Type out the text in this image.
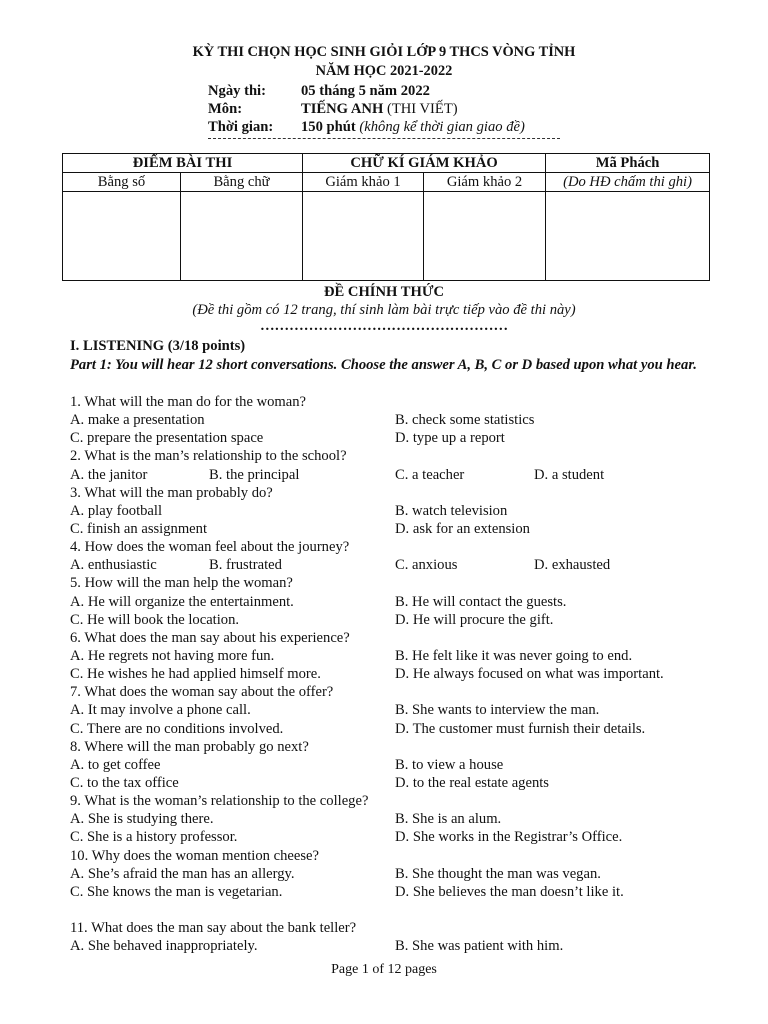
KỲ THI CHỌN HỌC SINH GIỎI LỚP 9 THCS VÒNG TỈNH
NĂM HỌC 2021-2022
Ngày thi: 05 tháng 5 năm 2022
Môn:	TIẾNG ANH (THI VIẾT)
Thời gian: 150 phút (không kể thời gian giao đề)
ĐIỂM BÀI THI		CHỮ KÍ GIÁM KHẢO		Mã Phách
Bằng số	Bằng chữ	Giám khảo 1	Giám khảo 2	(Do HĐ chấm thi ghi)

ĐỀ CHÍNH THỨC
(Đề thi gồm có 12 trang, thí sinh làm bài trực tiếp vào đề thi này)
……………………………………………
I. LISTENING (3/18 points)
Part 1: You will hear 12 short conversations. Choose the answer A, B, C or D based upon what you hear.
1. What will the man do for the woman?
A. make a presentation	B. check some statistics
C. prepare the presentation space	D. type up a report
2. What is the man’s relationship to the school?
A. the janitor	B. the principal	C. a teacher	D. a student
3. What will the man probably do?
A. play football	B. watch television
C. finish an assignment	D. ask for an extension
4. How does the woman feel about the journey?
A. enthusiastic	B. frustrated	C. anxious	D. exhausted
5. How will the man help the woman?
A. He will organize the entertainment.	B. He will contact the guests.
C. He will book the location.	D. He will procure the gift.
6. What does the man say about his experience?
A. He regrets not having more fun.	B. He felt like it was never going to end.
C. He wishes he had applied himself more.	D. He always focused on what was important.
7. What does the woman say about the offer?
A. It may involve a phone call.	B. She wants to interview the man.
C. There are no conditions involved.	D. The customer must furnish their details.
8. Where will the man probably go next?
A. to get coffee	B. to view a house
C. to the tax office	D. to the real estate agents
9. What is the woman’s relationship to the college?
A. She is studying there.	B. She is an alum.
C. She is a history professor.	D. She works in the Registrar’s Office.
10. Why does the woman mention cheese?
A. She’s afraid the man has an allergy.	B. She thought the man was vegan.
C. She knows the man is vegetarian.	D. She believes the man doesn’t like it.
11. What does the man say about the bank teller?
A. She behaved inappropriately.	B. She was patient with him.
Page 1 of 12 pages
